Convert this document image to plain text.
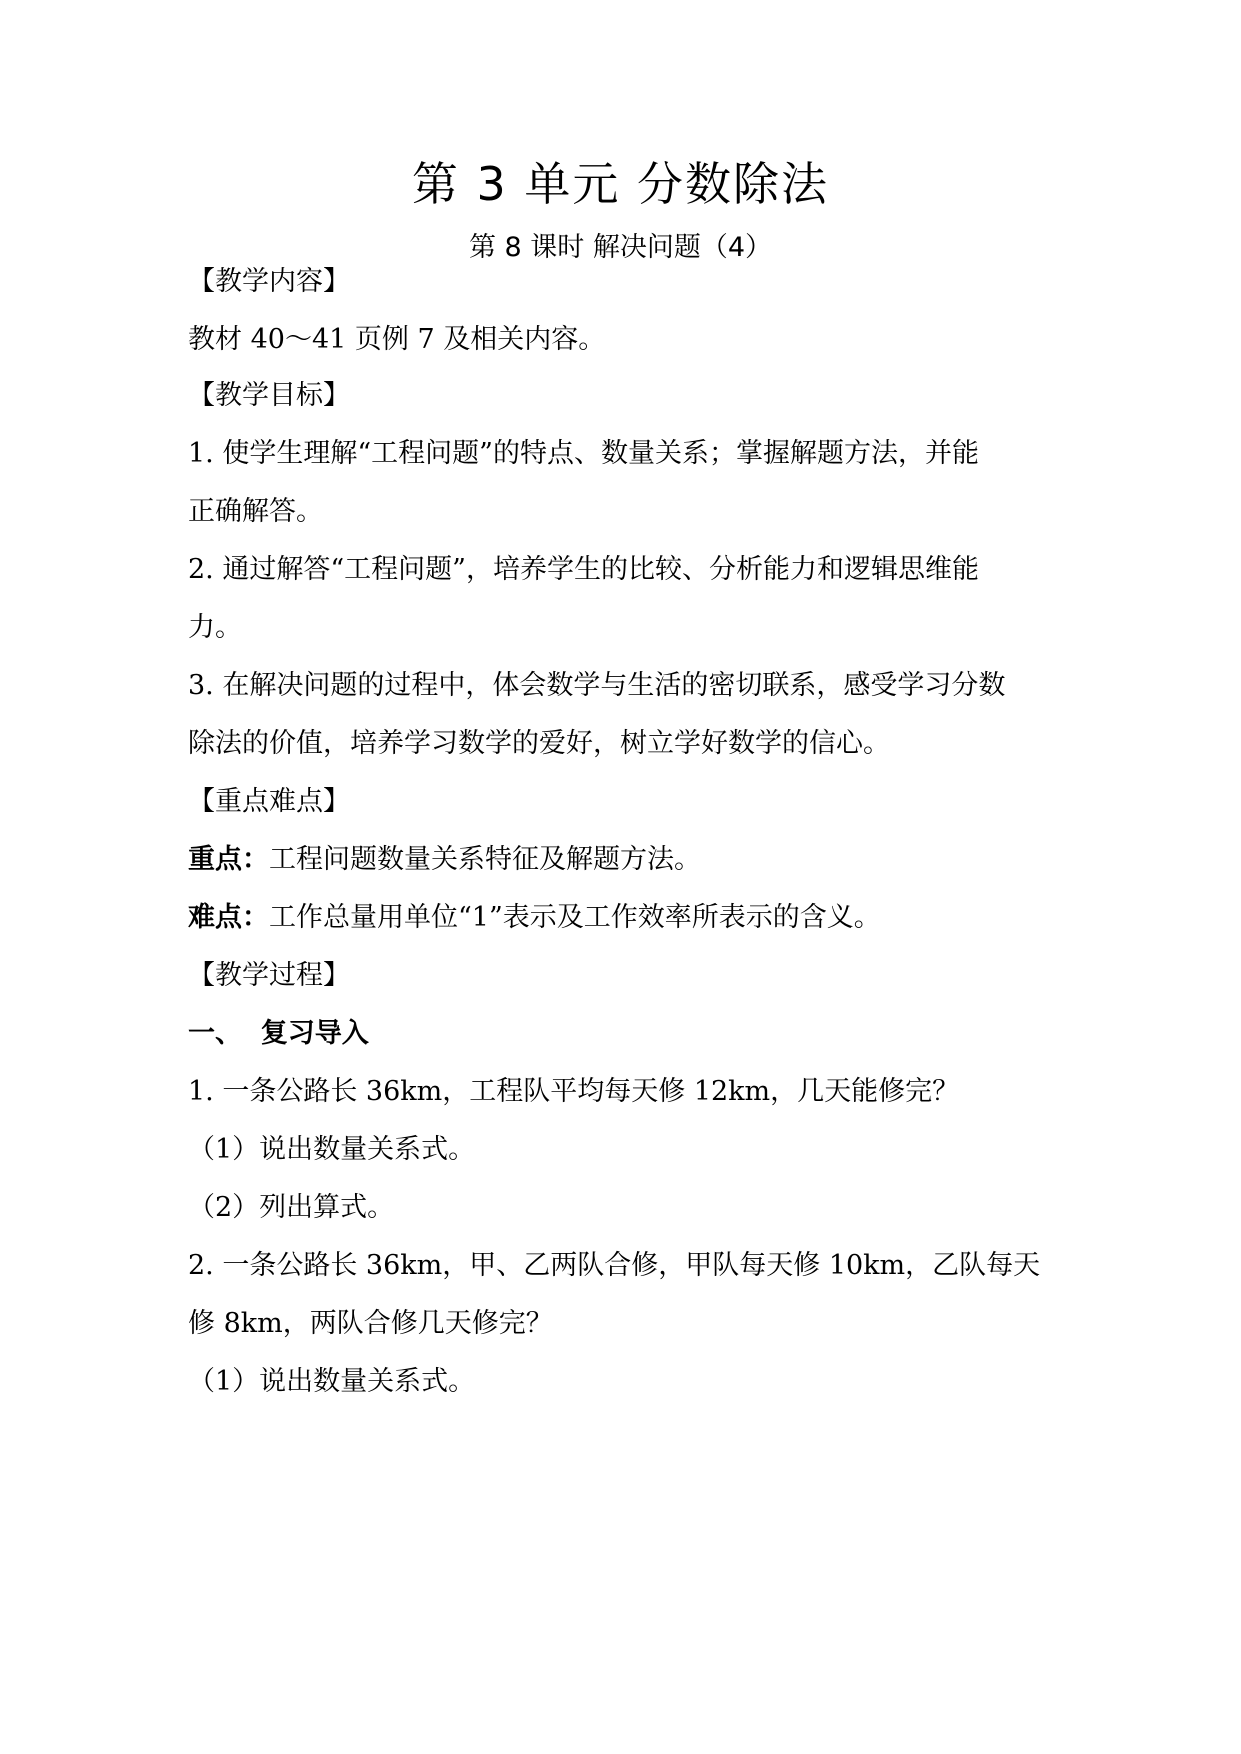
第 3 单元 分数除法
第 8 课时 解决问题（4）
【教学内容】
教材 40～41 页例 7 及相关内容。
【教学目标】
1. 使学生理解“工程问题”的特点、数量关系；掌握解题方法，并能
正确解答。
2. 通过解答“工程问题”，培养学生的比较、分析能力和逻辑思维能
力。
3. 在解决问题的过程中，体会数学与生活的密切联系，感受学习分数
除法的价值，培养学习数学的爱好，树立学好数学的信心。
【重点难点】
重点：工程问题数量关系特征及解题方法。
难点：工作总量用单位“1”表示及工作效率所表示的含义。
【教学过程】
一、  复习导入
1. 一条公路长 36km，工程队平均每天修 12km，几天能修完？
（1）说出数量关系式。
（2）列出算式。
2. 一条公路长 36km，甲、乙两队合修，甲队每天修 10km，乙队每天
修 8km，两队合修几天修完？
（1）说出数量关系式。
